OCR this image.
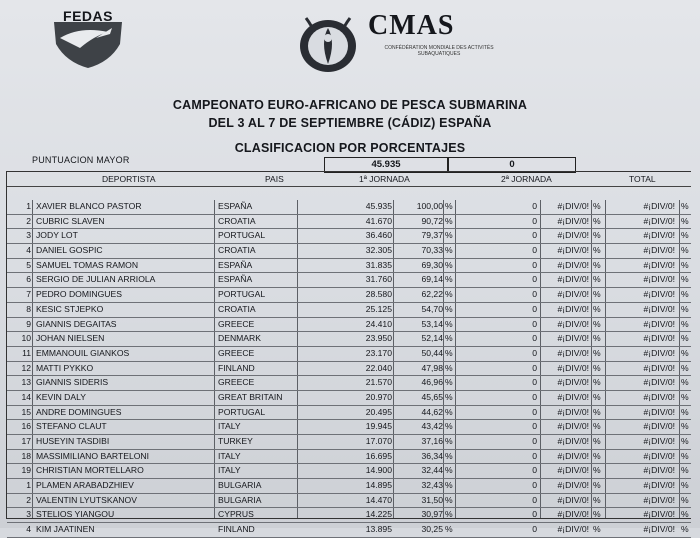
FEDAS	CMAS
CONFÉDÉRATION MONDIALE DES ACTIVITÉS SUBAQUATIQUES
CAMPEONATO EURO-AFRICANO DE PESCA SUBMARINA
DEL 3 AL 7 DE SEPTIEMBRE (CÁDIZ) ESPAÑA
CLASIFICACION POR PORCENTAJES
PUNTUACION MAYOR	45.935	0
DEPORTISTA	PAIS	1ª JORNADA	2ª JORNADA	TOTAL
1 XAVIER BLANCO PASTOR	ESPAÑA	45.935	100,00 %	0	#¡DIV/0! %	#¡DIV/0! %
2 CUBRIC SLAVEN	CROATIA	41.670	90,72 %	0	#¡DIV/0! %	#¡DIV/0! %
3 JODY LOT	PORTUGAL	36.460	79,37 %	0	#¡DIV/0! %	#¡DIV/0! %
4 DANIEL GOSPIC	CROATIA	32.305	70,33 %	0	#¡DIV/0! %	#¡DIV/0! %
5 SAMUEL TOMAS RAMON	ESPAÑA	31.835	69,30 %	0	#¡DIV/0! %	#¡DIV/0! %
6 SERGIO DE JULIAN ARRIOLA	ESPAÑA	31.760	69,14 %	0	#¡DIV/0! %	#¡DIV/0! %
7 PEDRO DOMINGUES	PORTUGAL	28.580	62,22 %	0	#¡DIV/0! %	#¡DIV/0! %
8 KESIC STJEPKO	CROATIA	25.125	54,70 %	0	#¡DIV/0! %	#¡DIV/0! %
9 GIANNIS DEGAITAS	GREECE	24.410	53,14 %	0	#¡DIV/0! %	#¡DIV/0! %
10 JOHAN NIELSEN	DENMARK	23.950	52,14 %	0	#¡DIV/0! %	#¡DIV/0! %
11 EMMANOUIL GIANKOS	GREECE	23.170	50,44 %	0	#¡DIV/0! %	#¡DIV/0! %
12 MATTI PYKKO	FINLAND	22.040	47,98 %	0	#¡DIV/0! %	#¡DIV/0! %
13 GIANNIS SIDERIS	GREECE	21.570	46,96 %	0	#¡DIV/0! %	#¡DIV/0! %
14 KEVIN DALY	GREAT BRITAIN	20.970	45,65 %	0	#¡DIV/0! %	#¡DIV/0! %
15 ANDRE DOMINGUES	PORTUGAL	20.495	44,62 %	0	#¡DIV/0! %	#¡DIV/0! %
16 STEFANO CLAUT	ITALY	19.945	43,42 %	0	#¡DIV/0! %	#¡DIV/0! %
17 HUSEYIN TASDIBI	TURKEY	17.070	37,16 %	0	#¡DIV/0! %	#¡DIV/0! %
18 MASSIMILIANO BARTELONI	ITALY	16.695	36,34 %	0	#¡DIV/0! %	#¡DIV/0! %
19 CHRISTIAN MORTELLARO	ITALY	14.900	32,44 %	0	#¡DIV/0! %	#¡DIV/0! %
1 PLAMEN ARABADZHIEV	BULGARIA	14.895	32,43 %	0	#¡DIV/0! %	#¡DIV/0! %
2 VALENTIN LYUTSKANOV	BULGARIA	14.470	31,50 %	0	#¡DIV/0! %	#¡DIV/0! %
3 STELIOS YIANGOU	CYPRUS	14.225	30,97 %	0	#¡DIV/0! %	#¡DIV/0! %
4 KIM JAATINEN	FINLAND	13.895	30,25 %	0	#¡DIV/0! %	#¡DIV/0! %
